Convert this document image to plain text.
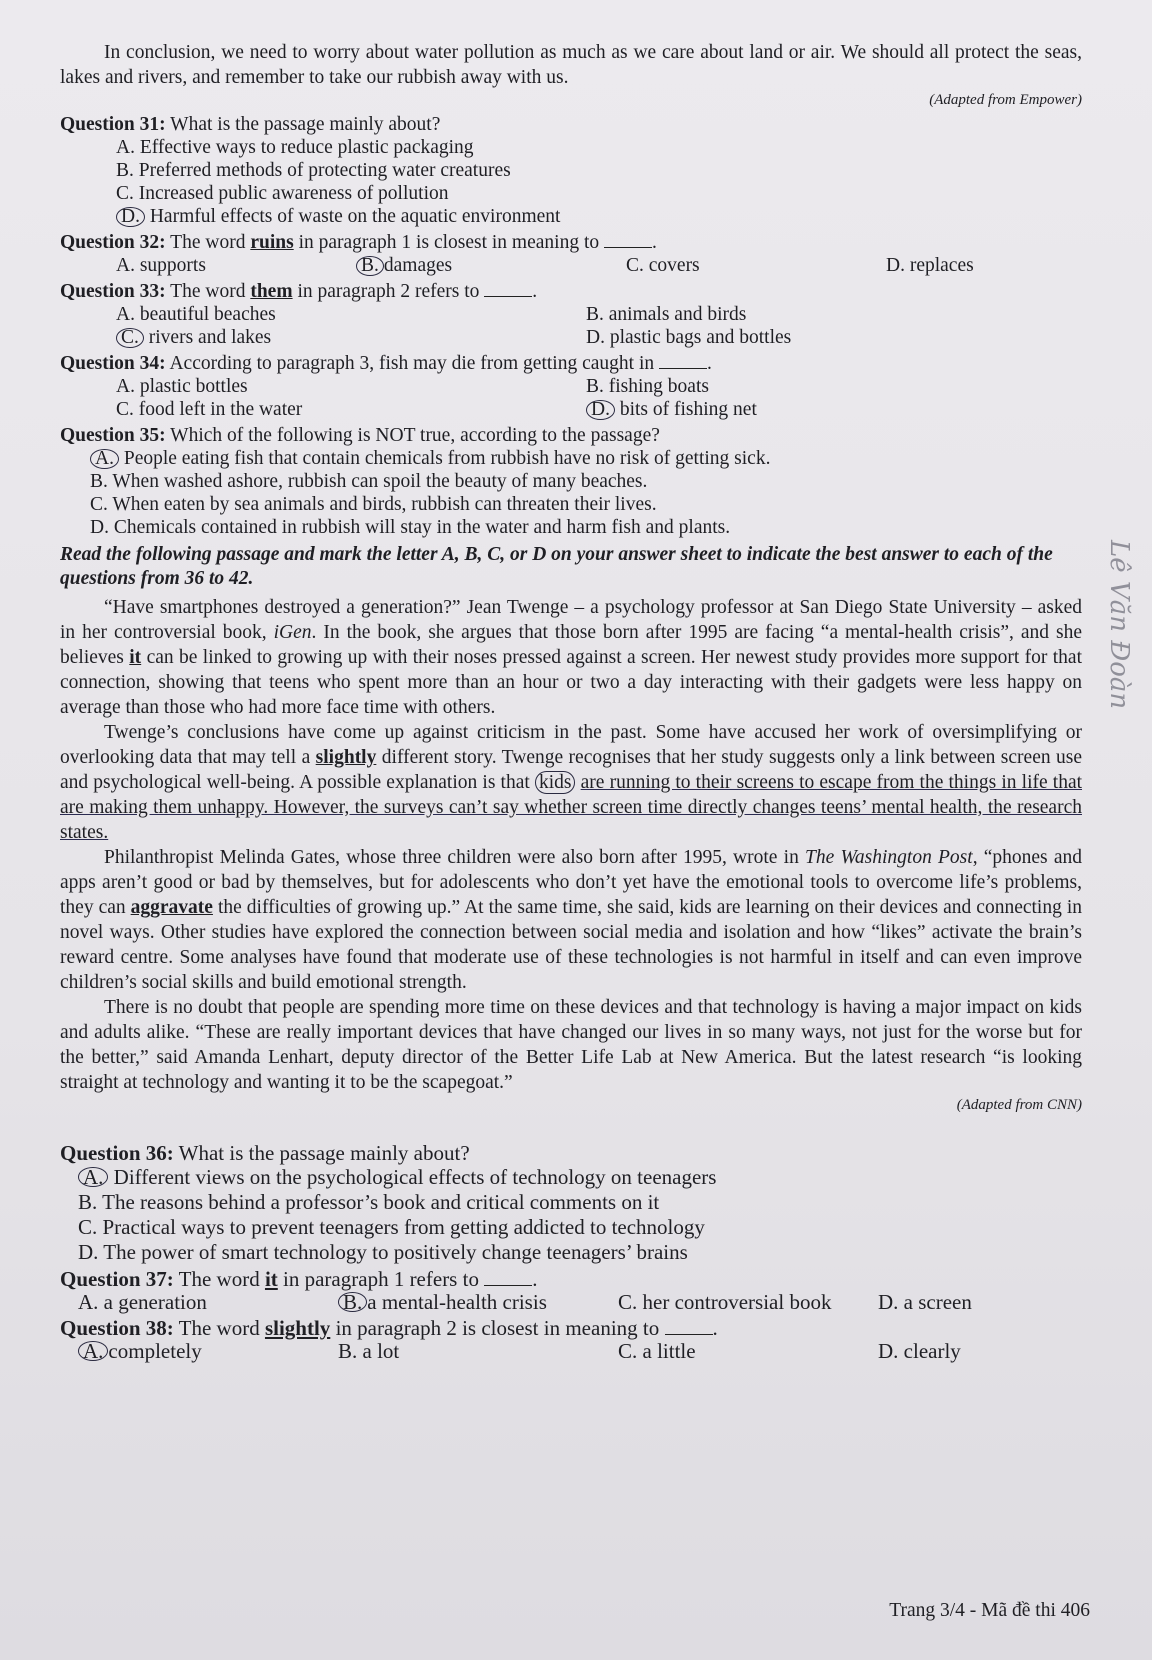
In conclusion, we need to worry about water pollution as much as we care about land or air. We should all protect the seas, lakes and rivers, and remember to take our rubbish away with us.

(Adapted from Empower)
Question 31: What is the passage mainly about?
A. Effective ways to reduce plastic packaging
B. Preferred methods of protecting water creatures
C. Increased public awareness of pollution
D. Harmful effects of waste on the aquatic environment
Question 32: The word ruins in paragraph 1 is closest in meaning to	.
A. supports	B. damages	C. covers	D. replaces
Question 33: The word them in paragraph 2 refers to	.
A. beautiful beaches	B. animals and birds
C. rivers and lakes	D. plastic bags and bottles
Question 34: According to paragraph 3, fish may die from getting caught in	.
A. plastic bottles	B. fishing boats
C. food left in the water	D. bits of fishing net
Question 35: Which of the following is NOT true, according to the passage?
A. People eating fish that contain chemicals from rubbish have no risk of getting sick.
B. When washed ashore, rubbish can spoil the beauty of many beaches.
C. When eaten by sea animals and birds, rubbish can threaten their lives.
D. Chemicals contained in rubbish will stay in the water and harm fish and plants.
Read the following passage and mark the letter A, B, C, or D on your answer sheet to indicate the best answer to each of the questions from 36 to 42.

“Have smartphones destroyed a generation?” Jean Twenge – a psychology professor at San Diego State University – asked in her controversial book, iGen. In the book, she argues that those born after 1995 are facing “a mental-health crisis”, and she believes it can be linked to growing up with their noses pressed against a screen. Her newest study provides more support for that connection, showing that teens who spent more than an hour or two a day interacting with their gadgets were less happy on average than those who had more face time with others.

Twenge’s conclusions have come up against criticism in the past. Some have accused her work of oversimplifying or overlooking data that may tell a slightly different story. Twenge recognises that her study suggests only a link between screen use and psychological well-being. A possible explanation is that kids are running to their screens to escape from the things in life that are making them unhappy. However, the surveys can’t say whether screen time directly changes teens’ mental health, the research states.

Philanthropist Melinda Gates, whose three children were also born after 1995, wrote in The Washington Post, “phones and apps aren’t good or bad by themselves, but for adolescents who don’t yet have the emotional tools to overcome life’s problems, they can aggravate the difficulties of growing up.” At the same time, she said, kids are learning on their devices and connecting in novel ways. Other studies have explored the connection between social media and isolation and how “likes” activate the brain’s reward centre. Some analyses have found that moderate use of these technologies is not harmful in itself and can even improve children’s social skills and build emotional strength.

There is no doubt that people are spending more time on these devices and that technology is having a major impact on kids and adults alike. “These are really important devices that have changed our lives in so many ways, not just for the worse but for the better,” said Amanda Lenhart, deputy director of the Better Life Lab at New America. But the latest research “is looking straight at technology and wanting it to be the scapegoat.”

(Adapted from CNN)
Question 36: What is the passage mainly about?
A. Different views on the psychological effects of technology on teenagers
B. The reasons behind a professor’s book and critical comments on it
C. Practical ways to prevent teenagers from getting addicted to technology
D. The power of smart technology to positively change teenagers’ brains
Question 37: The word it in paragraph 1 refers to	.
A. a generation	B. a mental-health crisis	C. her controversial book	D. a screen
Question 38: The word slightly in paragraph 2 is closest in meaning to	.
A. completely	B. a lot	C. a little	D. clearly
Lê Văn Đoàn
Trang 3/4 - Mã đề thi 406
